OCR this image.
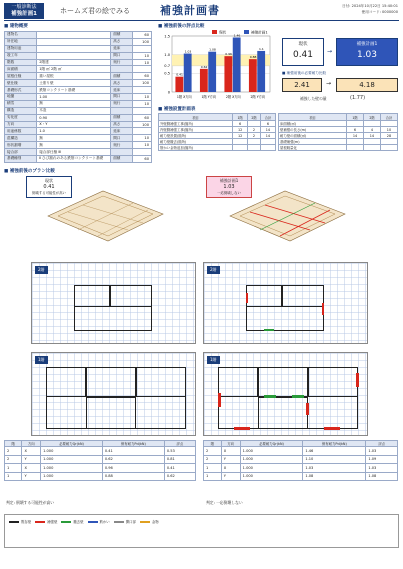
一般診断法
補強計画1	ホームズ君の絵でみる	補強計画書	日付: 2024年10月22日 15:40:01
使用コード: 0000000
■ 建物概要
建物名		面積	60
所在地		高さ	100
建物用途		延床	
竣工年		間口	10
階数	2階建	奥行	10
床面積	1階 ㎡ 2階 ㎡		
屋根仕様	重い屋根	面積	60
壁仕様	土塗り壁	高さ	100
基礎形式	鉄筋コンクリート基礎	延床	
地盤	1.00	間口	10
積雪	無	奥行	10
構造	木造		
劣化度	0.90	面積	60
方向	X・Y	高さ	100
用途係数	1.0	延床	
混構造	無	間口	10
形状割増	無	奥行	10
接合部	接合部仕様 Ⅲ		
基礎種別	Ⅱ ひび割れのある鉄筋コンクリート基礎	面積	60
■ 補強前後の評点比較
1.5
1.0
0.7
0.5
0
0.41
1.03
1階 X方向
0.62
1.08
1階 Y方向
0.96
1.46
2階 X方向
0.88
1.1
2階 Y方向
現状	補強計画1
現状
0.41	→
補強計画1
1.03
■ 補強前後の必要耐力比較
2.41	→	4.18
補強した壁の量	(1.77)
■ 補強設置計画表
項目	1階	2階	合計
外壁側補強工事(箇所)	6		6
内壁側補強工事(箇所)	12	2	14
耐力壁設置(箇所)	12	2	14
耐力壁撤去(箇所)			
筋かい金物追加(箇所)			
項目	1階	2階	合計
床面積(㎡)			
壁補強の長さ(m)	6	4	10
耐力壁の面積(㎡)	14	14	28
基礎補強(m)			
屋根軽量化			
■ 補強前後のプラン比較
現状
0.41
倒壊する可能性が高い
補強計画1
1.03
一応倒壊しない
2階	2階
1階	1階
階	方向	必要耐力Qr(kN)	保有耐力Pd(kN)	評点
2	X	1.000	0.41	0.53
2	Y	1.000	0.62	0.81
1	X	1.000	0.96	0.41
1	Y	1.000	0.88	0.62
階	方向	必要耐力Qr(kN)	保有耐力Pd(kN)	評点
2	X	1.000	1.46	1.03
2	Y	1.000	1.10	1.09
1	X	1.000	1.03	1.03
1	Y	1.000	1.08	1.08
判定: 倒壊する可能性が高い	判定: 一応倒壊しない
既存壁	補強壁	撤去壁	筋かい	開口部	金物
